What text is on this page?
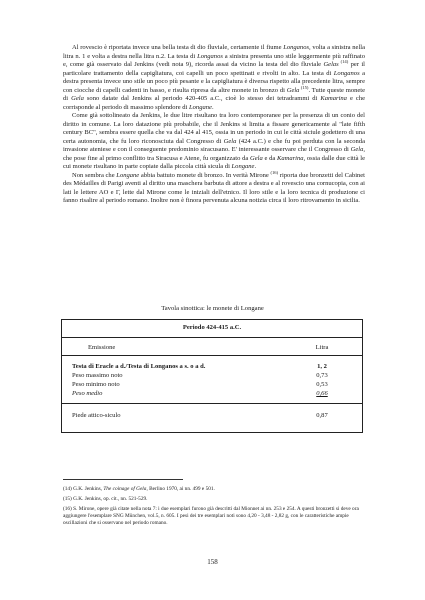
Al rovescio è riportata invece una bella testa di dio fluviale, certamente il fiume Longanos, volta a sinistra nella litra n. 1 e volta a destra nella litra n.2. La testa di Longanos a sinistra presenta uno stile leggermente più raffinato e, come già osservato dal Jenkins (vedi nota 9), ricorda assai da vicino la testa del dio fluviale Gelas $^{(14)}$ per il particolare trattamento della capigliatura, coi capelli un poco spettinati e rivolti in alto. La testa di Longanos a destra presenta invece uno stile un poco più pesante e la capigliatura è diversa rispetto alla precedente litra, sempre con ciocche di capelli cadenti in basso, e risulta ripresa da altre monete in bronzo di Gela $^{(15)}$. Tutte queste monete di Gela sono datate dal Jenkins al periodo 420-405 a.C., cioè lo stesso dei tetradrammi di Kamarina e che corrisponde al periodo di massimo splendore di Longane.

Come già sottolineato da Jenkins, le due litre risultano tra loro contemporanee per la presenza di un conio del diritto in comune. La loro datazione più probabile, che il Jenkins si limita a fissare genericamente al "late fifth century BC", sembra essere quella che va dal 424 al 415, ossia in un periodo in cui le città siciule godettero di una certa autonomia, che fu loro riconosciuta dal Congresso di Gela (424 a.C.) e che fu poi perduta con la seconda invasione ateniese e con il conseguente predominio siracusano. E' interessante osservare che il Congresso di Gela, che pose fine al primo conflitto tra Siracusa e Atene, fu organizzato da Gela e da Kamarina, ossia dalle due città le cui monete risultano in parte copiate dalla piccola città sicula di Longane.

Non sembra che Longane abbia battuto monete di bronzo. In verità Mirone $^{(16)}$ riporta due bronzetti del Cabinet des Médailles di Parigi aventi al diritto una maschera barbuta di attore a destra e al rovescio una cornucopia, con ai lati le lettere AO e Γ, lette dal Mirone come le iniziali dell'etnico. Il loro stile e la loro tecnica di produzione ci fanno risalire al periodo romano. Inoltre non è finora pervenuta alcuna notizia circa il loro ritrovamento in sicilia.

Tavola sinottica: le monete di Longane
Periodo 424-415 a.C.
Emissione	Litra
Testa di Eracle a d./Testa di Longanos a s. o a d.	1, 2
Peso massimo noto	0,73
Peso minimo noto	0,53
Peso medio	0,66
Piede attico-siculo	0,87
(14) G.K. Jenkins, The coinage of Gela, Berlino 1970, ai nn. 499 e 501.
(15) G.K. Jenkins, op. cit., nn. 521-529.
(16) S. Mirone, opere già citate nella nota 7: i due esemplari furono già descritti dal Mionnet ai nn. 253 e 254. A questi bronzetti si deve ora aggiungere l'esemplare SNG München, vol.5, n. 605. I pesi dei tre esemplari noti sono 4,20 - 3,48 - 2,82 g, con le caratteristiche ampie oscillazioni che si osservano nel periodo romano.
158
